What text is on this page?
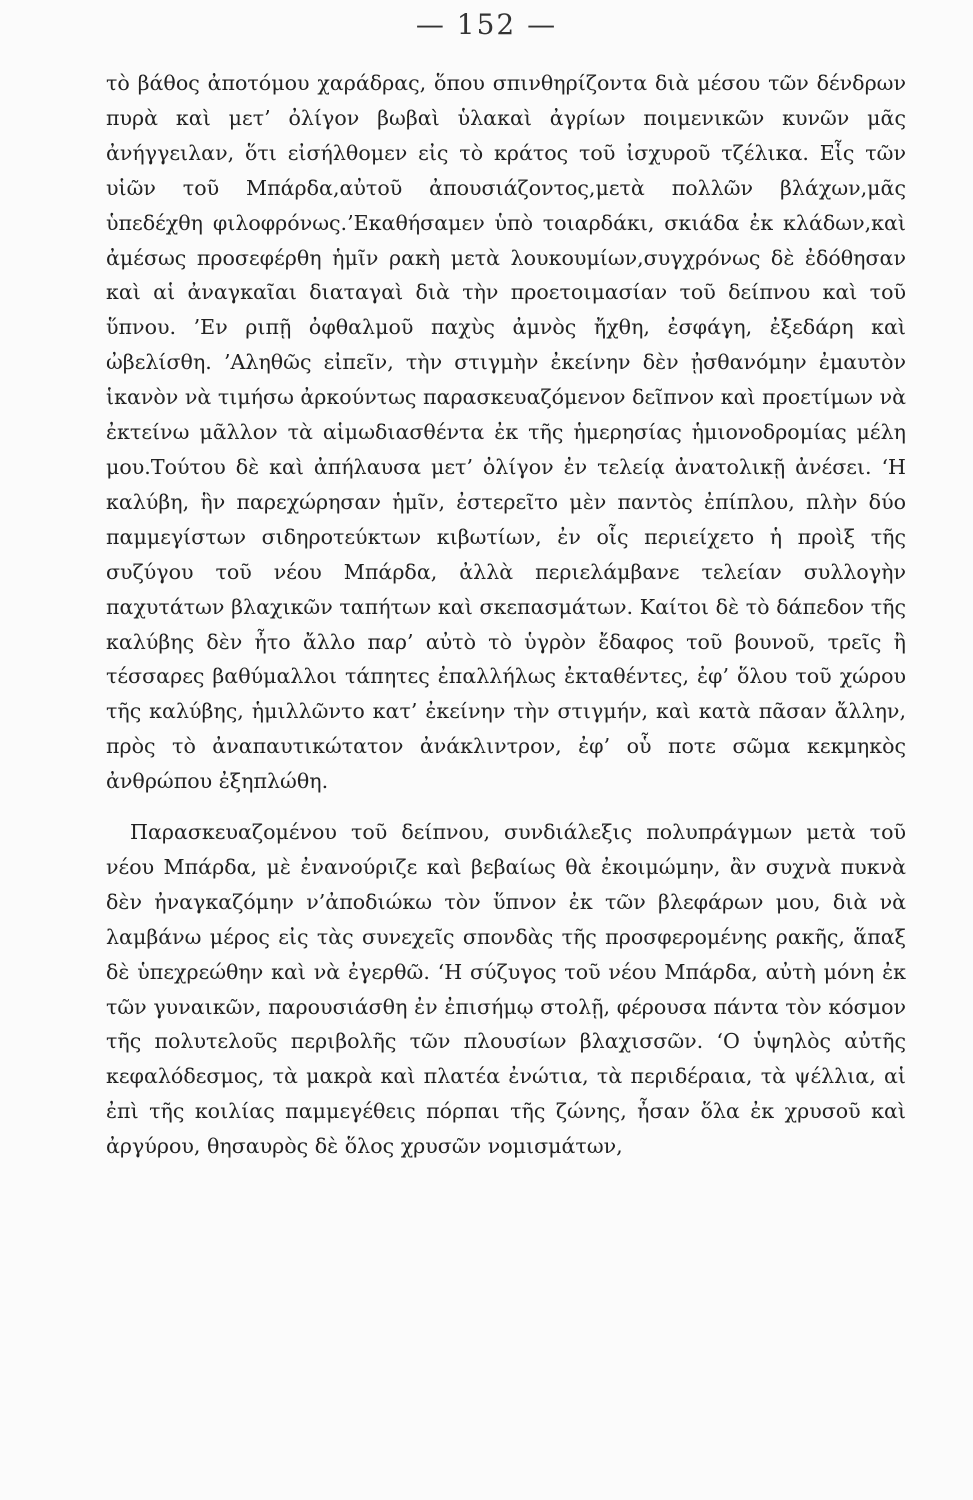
— 152 —

τὸ βάθος ἀποτόμου χαράδρας, ὅπου σπινθηρίζοντα διὰ μέσου τῶν δένδρων πυρὰ καὶ μετ’ ὀλίγον βωβαὶ ὑλακαὶ ἀγρίων ποιμενικῶν κυνῶν μᾶς ἀνήγγειλαν, ὅτι εἰσήλθομεν εἰς τὸ κράτος τοῦ ἰσχυροῦ τζέλικα. Εἷς τῶν υἱῶν τοῦ Μπάρδα,αὐτοῦ ἀπουσιάζοντος,μετὰ πολλῶν βλάχων,μᾶς ὑπεδέχθη φιλοφρόνως.’Εκαθήσαμεν ὑπὸ τοιαρδάκι, σκιάδα ἐκ κλάδων,καὶ ἀμέσως προσεφέρθη ἡμῖν ρακὴ μετὰ λουκουμίων,συγχρόνως δὲ ἐδόθησαν καὶ αἱ ἀναγκαῖαι διαταγαὶ διὰ τὴν προετοιμασίαν τοῦ δείπνου καὶ τοῦ ὕπνου. ’Εν ριπῇ ὀφθαλμοῦ παχὺς ἀμνὸς ἤχθη, ἐσφάγη, ἐξεδάρη καὶ ὠβελίσθη. ’Αληθῶς εἰπεῖν, τὴν στιγμὴν ἐκείνην δὲν ᾐσθανόμην ἐμαυτὸν ἱκανὸν νὰ τιμήσω ἀρκούντως παρασκευαζόμενον δεῖπνον καὶ προετίμων νὰ ἐκτείνω μᾶλλον τὰ αἱμωδιασθέντα ἐκ τῆς ἡμερησίας ἡμιονοδρομίας μέλη μου.Τούτου δὲ καὶ ἀπήλαυσα μετ’ ὀλίγον ἐν τελείᾳ ἀνατολικῇ ἀνέσει. ‘Η καλύβη, ἣν παρεχώρησαν ἡμῖν, ἐστερεῖτο μὲν παντὸς ἐπίπλου, πλὴν δύο παμμεγίστων σιδηροτεύκτων κιβωτίων, ἐν οἷς περιείχετο ἡ προὶξ τῆς συζύγου τοῦ νέου Μπάρδα, ἀλλὰ περιελάμβανε τελείαν συλλογὴν παχυτάτων βλαχικῶν ταπήτων καὶ σκεπασμάτων. Καίτοι δὲ τὸ δάπεδον τῆς καλύβης δὲν ἦτο ἄλλο παρ’ αὐτὸ τὸ ὑγρὸν ἔδαφος τοῦ βουνοῦ, τρεῖς ἢ τέσσαρες βαθύμαλλοι τάπητες ἐπαλλήλως ἐκταθέντες, ἐφ’ ὅλου τοῦ χώρου τῆς καλύβης, ἡμιλλῶντο κατ’ ἐκείνην τὴν στιγμήν, καὶ κατὰ πᾶσαν ἄλλην, πρὸς τὸ ἀναπαυτικώτατον ἀνάκλιντρον, ἐφ’ οὗ ποτε σῶμα κεκμηκὸς ἀνθρώπου ἐξηπλώθη.

Παρασκευαζομένου τοῦ δείπνου, συνδιάλεξις πολυπράγμων μετὰ τοῦ νέου Μπάρδα, μὲ ἐνανούριζε καὶ βεβαίως θὰ ἐκοιμώμην, ἂν συχνὰ πυκνὰ δὲν ἠναγκαζόμην ν’ἀποδιώκω τὸν ὕπνον ἐκ τῶν βλεφάρων μου, διὰ νὰ λαμβάνω μέρος εἰς τὰς συνεχεῖς σπονδὰς τῆς προσφερομένης ρακῆς, ἅπαξ δὲ ὑπεχρεώθην καὶ νὰ ἐγερθῶ. ‘Η σύζυγος τοῦ νέου Μπάρδα, αὐτὴ μόνη ἐκ τῶν γυναικῶν, παρουσιάσθη ἐν ἐπισήμῳ στολῇ, φέρουσα πάντα τὸν κόσμον τῆς πολυτελοῦς περιβολῆς τῶν πλουσίων βλαχισσῶν. ‘Ο ὑψηλὸς αὐτῆς κεφαλόδεσμος, τὰ μακρὰ καὶ πλατέα ἐνώτια, τὰ περιδέραια, τὰ ψέλλια, αἱ ἐπὶ τῆς κοιλίας παμμεγέθεις πόρπαι τῆς ζώνης, ἦσαν ὅλα ἐκ χρυσοῦ καὶ ἀργύρου, θησαυρὸς δὲ ὅλος χρυσῶν νομισμάτων,
